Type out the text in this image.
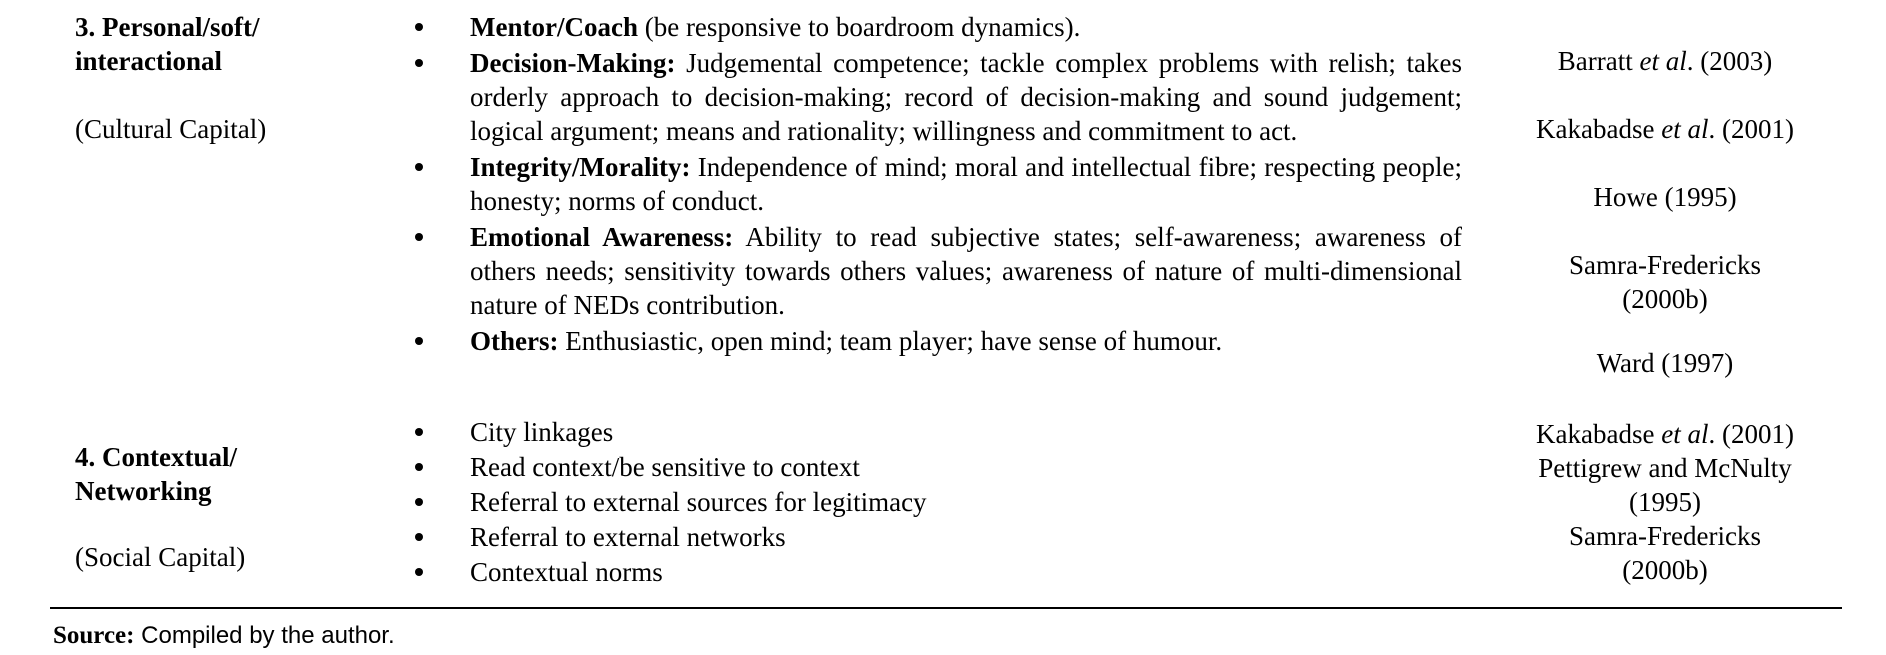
3. Personal/soft/
interactional
(Cultural Capital)
Mentor/Coach (be responsive to boardroom dynamics).
Decision-Making: Judgemental competence; tackle complex problems with relish; takes orderly approach to decision-making; record of decision-making and sound judgement; logical argument; means and rationality; willingness and commitment to act.
Integrity/Morality: Independence of mind; moral and intellectual fibre; respecting people; honesty; norms of conduct.
Emotional Awareness: Ability to read subjective states; self-awareness; awareness of others needs; sensitivity towards others values; awareness of nature of multi-dimensional nature of NEDs contribution.
Others: Enthusiastic, open mind; team player; have sense of humour.
Barratt et al. (2003)
Kakabadse et al. (2001)
Howe (1995)
Samra-Fredericks
(2000b)
Ward (1997)
4. Contextual/
Networking
(Social Capital)
City linkages
Read context/be sensitive to context
Referral to external sources for legitimacy
Referral to external networks
Contextual norms
Kakabadse et al. (2001)
Pettigrew and McNulty
(1995)
Samra-Fredericks
(2000b)
Source: Compiled by the author.
